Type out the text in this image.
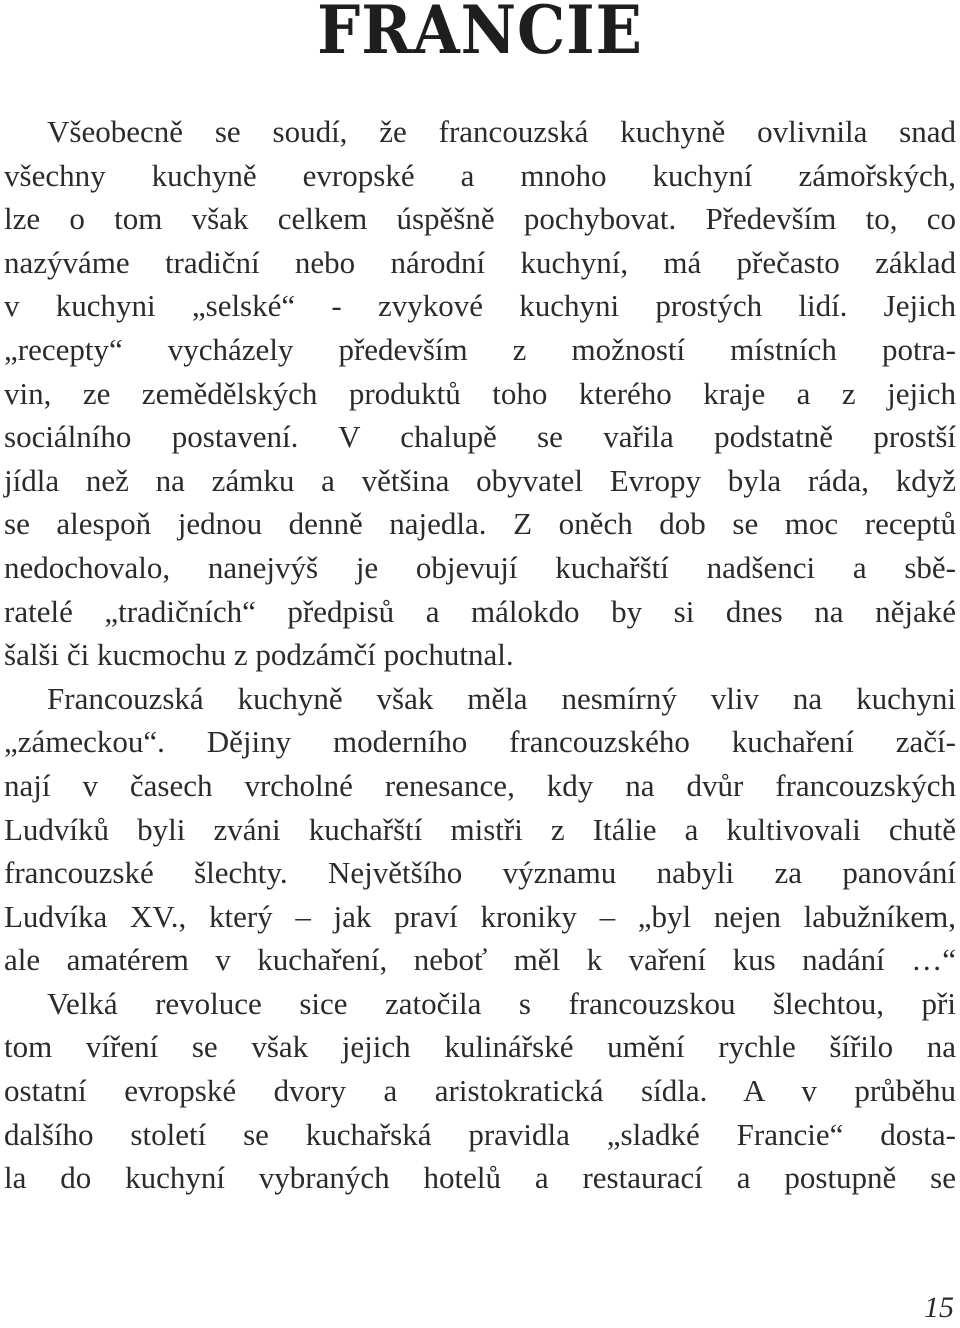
FRANCIE
Všeobecně se soudí, že francouzská kuchyně ovlivnila snad
všechny kuchyně evropské a mnoho kuchyní zámořských,
lze o tom však celkem úspěšně pochybovat. Především to, co
nazýváme tradiční nebo národní kuchyní, má přečasto základ
v kuchyni „selské“ - zvykové kuchyni prostých lidí. Jejich
„recepty“ vycházely především z možností místních potra-
vin, ze zemědělských produktů toho kterého kraje a z jejich
sociálního postavení. V chalupě se vařila podstatně prostší
jídla než na zámku a většina obyvatel Evropy byla ráda, když
se alespoň jednou denně najedla. Z oněch dob se moc receptů
nedochovalo, nanejvýš je objevují kuchařští nadšenci a sbě-
ratelé „tradičních“ předpisů a málokdo by si dnes na nějaké
šalši či kucmochu z podzámčí pochutnal.
Francouzská kuchyně však měla nesmírný vliv na kuchyni
„zámeckou“. Dějiny moderního francouzského kuchaření začí-
nají v časech vrcholné renesance, kdy na dvůr francouzských
Ludvíků byli zváni kuchařští mistři z Itálie a kultivovali chutě
francouzské šlechty. Největšího významu nabyli za panování
Ludvíka XV., který – jak praví kroniky – „byl nejen labužníkem,
ale amatérem v kuchaření, neboť měl k vaření kus nadání …“
Velká revoluce sice zatočila s francouzskou šlechtou, při
tom víření se však jejich kulinářské umění rychle šířilo na
ostatní evropské dvory a aristokratická sídla. A v průběhu
dalšího století se kuchařská pravidla „sladké Francie“ dosta-
la do kuchyní vybraných hotelů a restaurací a postupně se

15
